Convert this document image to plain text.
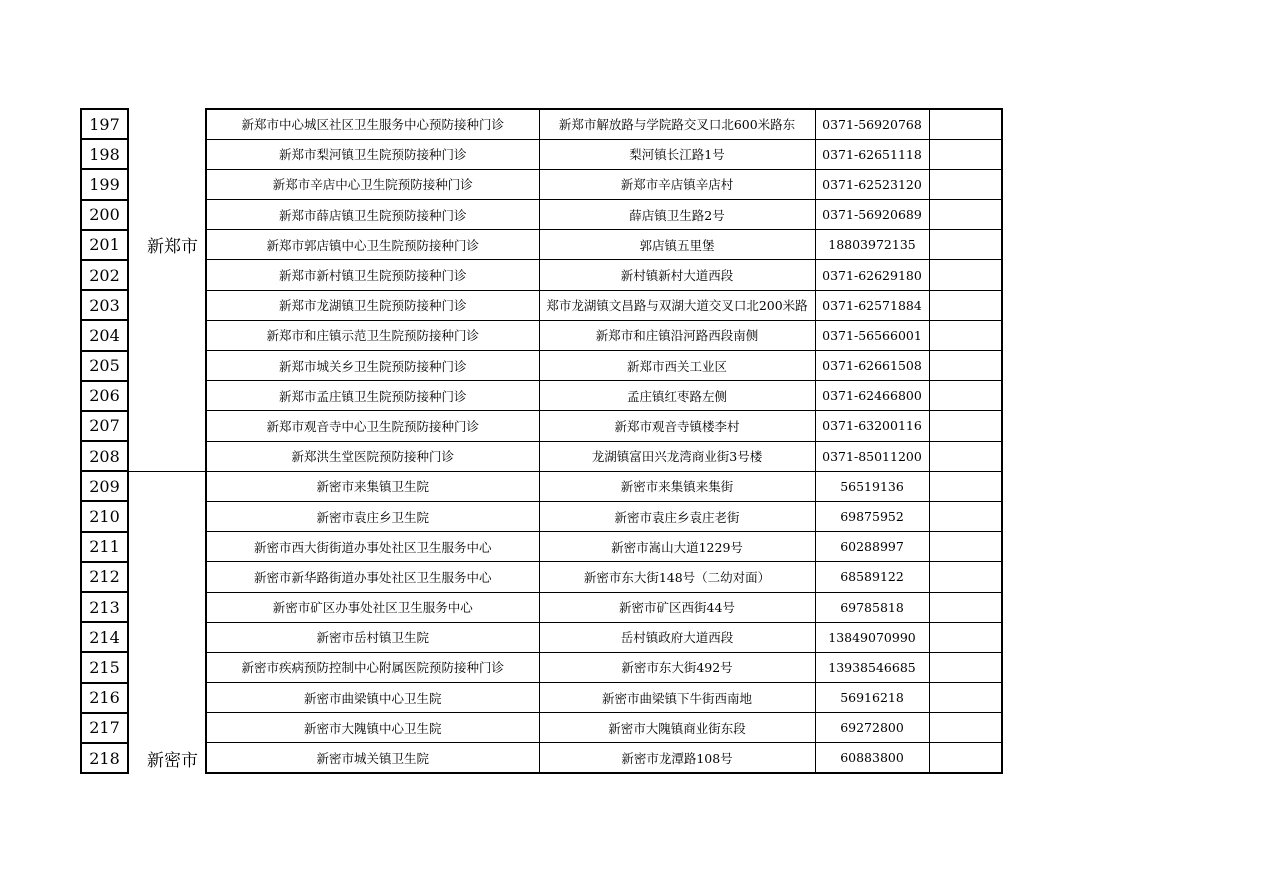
197			新郑市中心城区社区卫生服务中心预防接种门诊	新郑市解放路与学院路交叉口北600米路东	0371-56920768	
198			新郑市梨河镇卫生院预防接种门诊	梨河镇长江路1号	0371-62651118	
199			新郑市辛店中心卫生院预防接种门诊	新郑市辛店镇辛店村	0371-62523120	
200			新郑市薛店镇卫生院预防接种门诊	薛店镇卫生路2号	0371-56920689	
201		新郑市	新郑市郭店镇中心卫生院预防接种门诊	郭店镇五里堡	18803972135	
202			新郑市新村镇卫生院预防接种门诊	新村镇新村大道西段	0371-62629180	
203			新郑市龙湖镇卫生院预防接种门诊	郑市龙湖镇文昌路与双湖大道交叉口北200米路	0371-62571884	
204			新郑市和庄镇示范卫生院预防接种门诊	新郑市和庄镇沿河路西段南侧	0371-56566001	
205			新郑市城关乡卫生院预防接种门诊	新郑市西关工业区	0371-62661508	
206			新郑市孟庄镇卫生院预防接种门诊	孟庄镇红枣路左侧	0371-62466800	
207			新郑市观音寺中心卫生院预防接种门诊	新郑市观音寺镇楼李村	0371-63200116	
208			新郑洪生堂医院预防接种门诊	龙湖镇富田兴龙湾商业街3号楼	0371-85011200	
209			新密市来集镇卫生院	新密市来集镇来集街	56519136	
210			新密市袁庄乡卫生院	新密市袁庄乡袁庄老街	69875952	
211			新密市西大街街道办事处社区卫生服务中心	新密市嵩山大道1229号	60288997	
212			新密市新华路街道办事处社区卫生服务中心	新密市东大街148号（二幼对面）	68589122	
213			新密市矿区办事处社区卫生服务中心	新密市矿区西街44号	69785818	
214			新密市岳村镇卫生院	岳村镇政府大道西段	13849070990	
215			新密市疾病预防控制中心附属医院预防接种门诊	新密市东大街492号	13938546685	
216			新密市曲梁镇中心卫生院	新密市曲梁镇下牛街西南地	56916218	
217			新密市大隗镇中心卫生院	新密市大隗镇商业街东段	69272800	
218		新密市	新密市城关镇卫生院	新密市龙潭路108号	60883800	
